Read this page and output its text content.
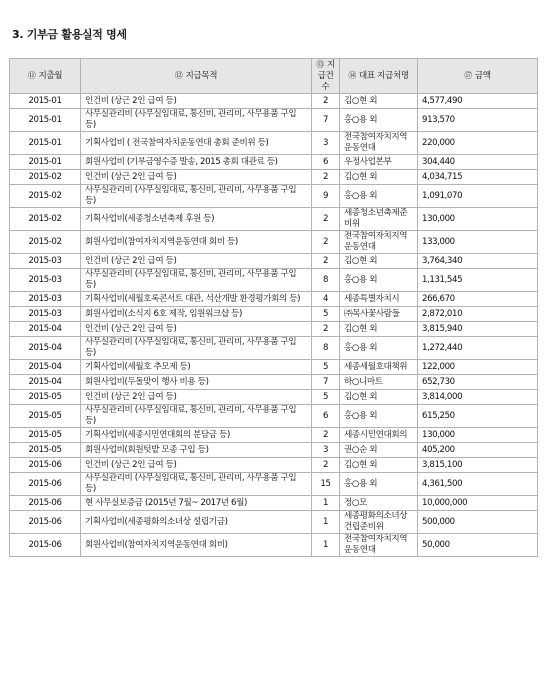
3. 기부금 활용실적 명세
⑪ 지출월	⑫ 지급목적	⑬ 지급건수	⑭ 대표 지급처명	⑰ 금액
2015-01	인건비 (상근 2인 급여 등)	2	김○현 외	4,577,490
2015-01	사무실관리비 (사무실임대료, 통신비, 관리비, 사무용품 구입 등)	7	홍○용 외	913,570
2015-01	기획사업비 ( 전국참여자치운동연대 총회 준비위 등)	3	전국참여자치지역운동연대	220,000
2015-01	회원사업비 (기부금영수증 발송, 2015 총회 대관료 등)	6	우정사업본부	304,440
2015-02	인건비 (상근 2인 급여 등)	2	김○현 외	4,034,715
2015-02	사무실관리비 (사무실임대료, 통신비, 관리비, 사무용품 구입 등)	9	홍○용 외	1,091,070
2015-02	기획사업비(세종청소년축제 후원 등)	2	세종청소년축제준비위	130,000
2015-02	회원사업비(참여자치지역운동연대 회비 등)	2	전국참여자치지역운동연대	133,000
2015-03	인건비 (상근 2인 급여 등)	2	김○현 외	3,764,340
2015-03	사무실관리비 (사무실임대료, 통신비, 관리비, 사무용품 구입 등)	8	홍○용 외	1,131,545
2015-03	기획사업비(세월호록콘서트 대관, 석산개발 환경평가회의 등)	4	세종특별자치시	266,670
2015-03	회원사업비(소식지 6호 제작, 임원워크샵 등)	5	㈜목사꽃사람들	2,872,010
2015-04	인건비 (상근 2인 급여 등)	2	김○현 외	3,815,940
2015-04	사무실관리비 (사무실임대료, 통신비, 관리비, 사무용품 구입 등)	8	홍○용 외	1,272,440
2015-04	기획사업비(세월호 추모제 등)	5	세종세월호대책위	122,000
2015-04	회원사업비(두돌맞이 행사 비용 등)	7	하○니마트	652,730
2015-05	인건비 (상근 2인 급여 등)	5	김○현 외	3,814,000
2015-05	사무실관리비 (사무실임대료, 통신비, 관리비, 사무용품 구입 등)	6	홍○용 외	615,250
2015-05	기획사업비(세종시민연대회의 분담금 등)	2	세종시민연대회의	130,000
2015-05	회원사업비(회원텃밭 모종 구입 등)	3	권○순 외	405,200
2015-06	인건비 (상근 2인 급여 등)	2	김○현 외	3,815,100
2015-06	사무실관리비 (사무실임대료, 통신비, 관리비, 사무용품 구입 등)	15	홍○용 외	4,361,500
2015-06	현 사무실보증금 (2015년 7월~ 2017년 6월)	1	정○모	10,000,000
2015-06	기획사업비(세종평화의소녀상 설립기금)	1	세종평화의소녀상건립준비위	500,000
2015-06	회원사업비(참여자치지역운동연대 회비)	1	전국참여자치지역운동연대	50,000
